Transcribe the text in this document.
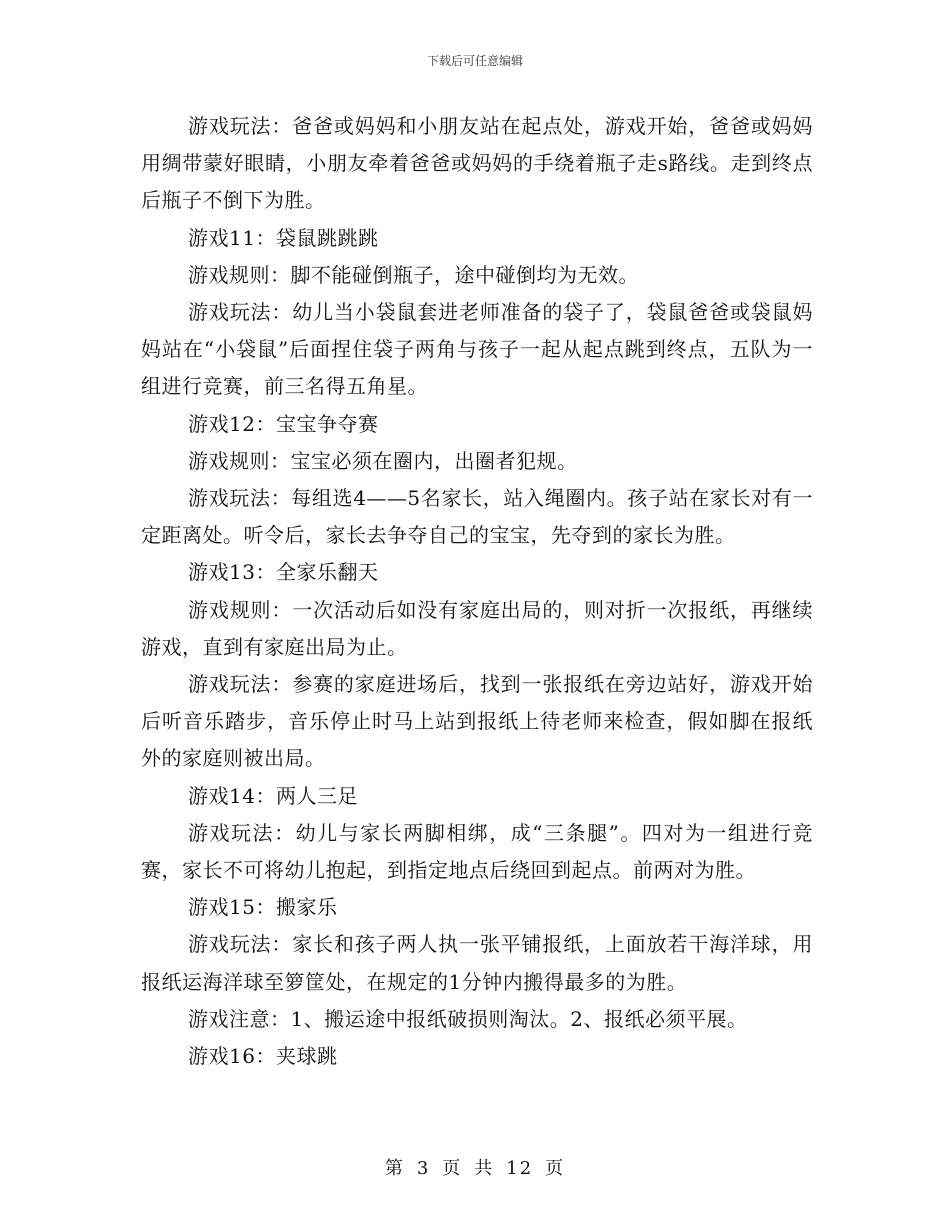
下载后可任意编辑

游戏玩法：爸爸或妈妈和小朋友站在起点处，游戏开始，爸爸或妈妈用绸带蒙好眼睛，小朋友牵着爸爸或妈妈的手绕着瓶子走s路线。走到终点后瓶子不倒下为胜。

游戏11：袋鼠跳跳跳

游戏规则：脚不能碰倒瓶子，途中碰倒均为无效。

游戏玩法：幼儿当小袋鼠套进老师准备的袋子了，袋鼠爸爸或袋鼠妈妈站在“小袋鼠”后面捏住袋子两角与孩子一起从起点跳到终点，五队为一组进行竞赛，前三名得五角星。

游戏12：宝宝争夺赛

游戏规则：宝宝必须在圈内，出圈者犯规。

游戏玩法：每组选4——5名家长，站入绳圈内。孩子站在家长对有一定距离处。听令后，家长去争夺自己的宝宝，先夺到的家长为胜。

游戏13：全家乐翻天

游戏规则：一次活动后如没有家庭出局的，则对折一次报纸，再继续游戏，直到有家庭出局为止。

游戏玩法：参赛的家庭进场后，找到一张报纸在旁边站好，游戏开始后听音乐踏步，音乐停止时马上站到报纸上待老师来检查，假如脚在报纸外的家庭则被出局。

游戏14：两人三足

游戏玩法：幼儿与家长两脚相绑，成“三条腿”。四对为一组进行竞赛，家长不可将幼儿抱起，到指定地点后绕回到起点。前两对为胜。

游戏15：搬家乐

游戏玩法：家长和孩子两人执一张平铺报纸，上面放若干海洋球，用报纸运海洋球至箩筐处，在规定的1分钟内搬得最多的为胜。

游戏注意：1、搬运途中报纸破损则淘汰。2、报纸必须平展。

游戏16：夹球跳

第 3 页 共 12 页
